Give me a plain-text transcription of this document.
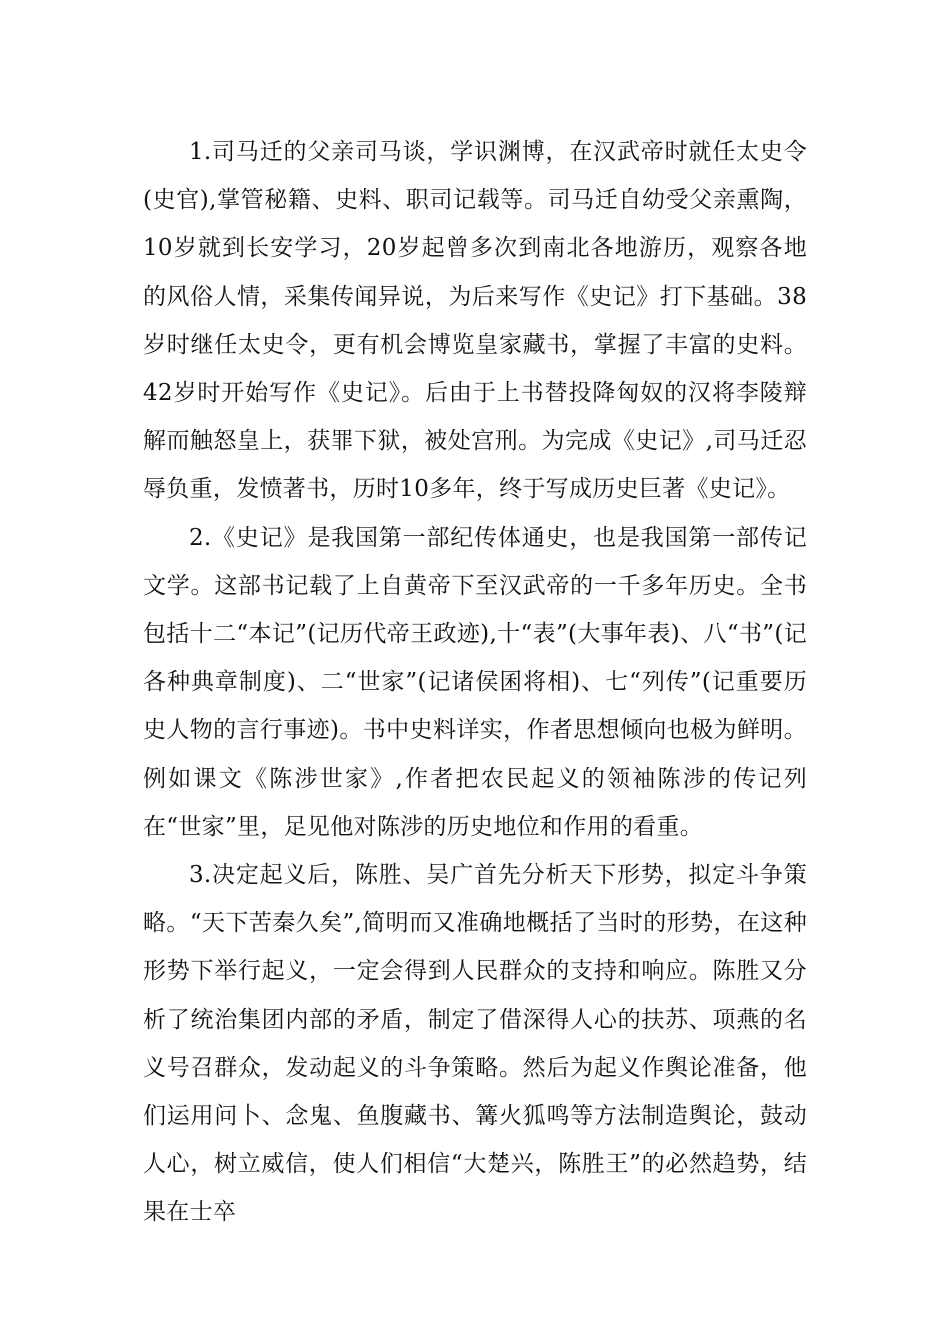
1.司马迁的父亲司马谈，学识渊博，在汉武帝时就任太史令(史官),掌管秘籍、史料、职司记载等。司马迁自幼受父亲熏陶，10岁就到长安学习，20岁起曾多次到南北各地游历，观察各地的风俗人情，采集传闻异说，为后来写作《史记》打下基础。38岁时继任太史令，更有机会博览皇家藏书，掌握了丰富的史料。42岁时开始写作《史记》。后由于上书替投降匈奴的汉将李陵辩解而触怒皇上，获罪下狱，被处宫刑。为完成《史记》,司马迁忍辱负重，发愤著书，历时10多年，终于写成历史巨著《史记》。

2.《史记》是我国第一部纪传体通史，也是我国第一部传记文学。这部书记载了上自黄帝下至汉武帝的一千多年历史。全书包括十二“本记”(记历代帝王政迹),十“表”(大事年表)、八“书”(记各种典章制度)、二“世家”(记诸侯囷将相)、七“列传”(记重要历史人物的言行事迹)。书中史料详实，作者思想倾向也极为鲜明。例如课文《陈涉世家》,作者把农民起义的领袖陈涉的传记列在“世家”里，足见他对陈涉的历史地位和作用的看重。

3.决定起义后，陈胜、吴广首先分析天下形势，拟定斗争策略。“天下苦秦久矣”,简明而又准确地概括了当时的形势，在这种形势下举行起义，一定会得到人民群众的支持和响应。陈胜又分析了统治集团内部的矛盾，制定了借深得人心的扶苏、项燕的名义号召群众，发动起义的斗争策略。然后为起义作舆论准备，他们运用问卜、念鬼、鱼腹藏书、篝火狐鸣等方法制造舆论，鼓动人心，树立威信，使人们相信“大楚兴，陈胜王”的必然趋势，结果在士卒
